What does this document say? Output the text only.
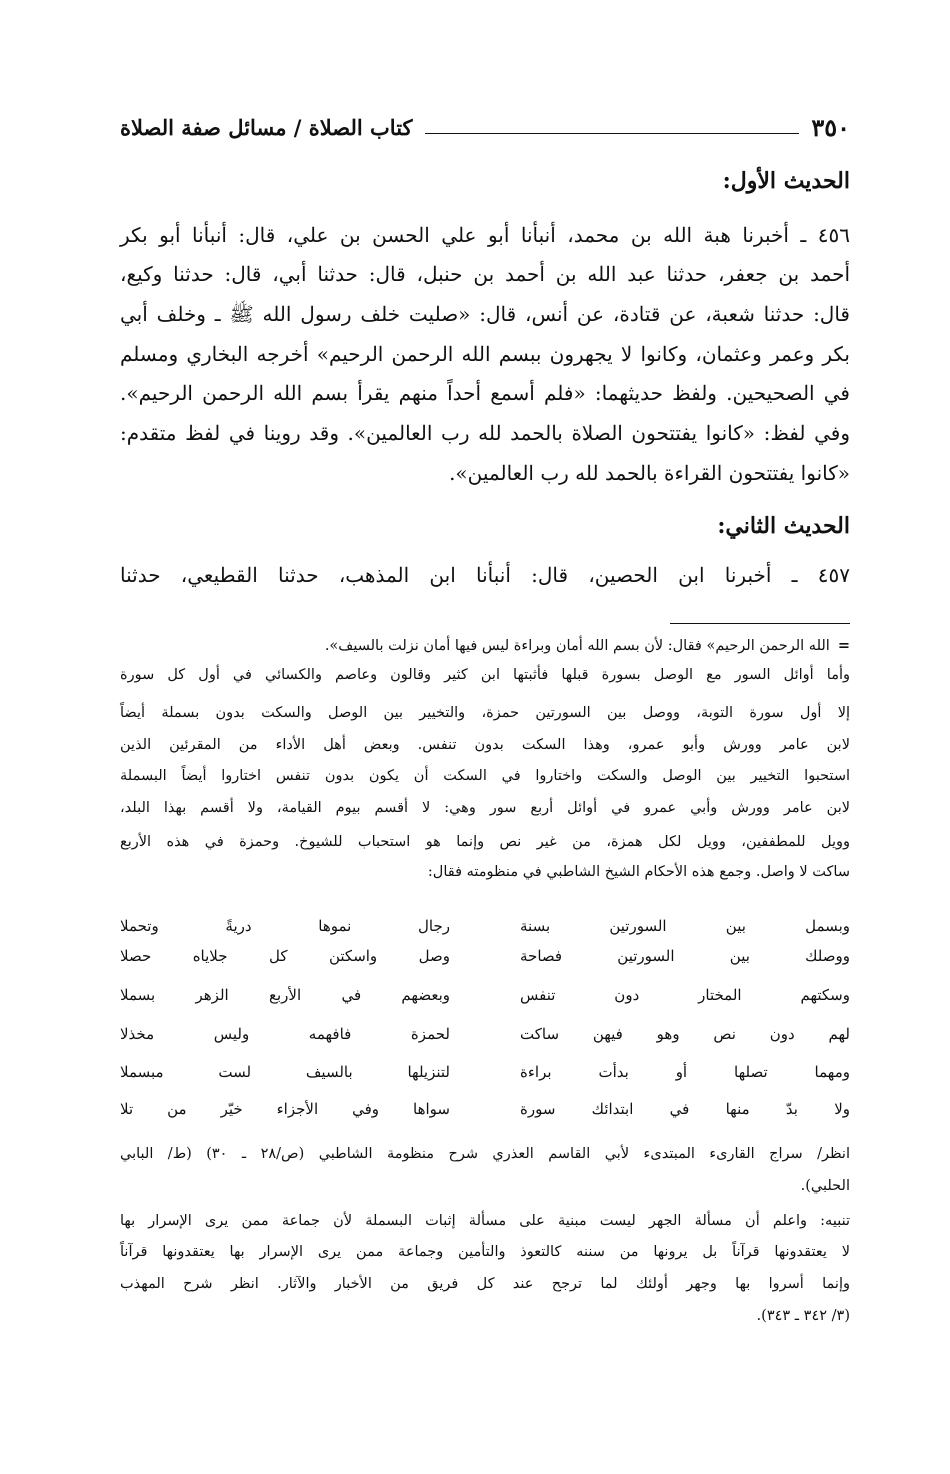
٣٥٠
كتاب الصلاة / مسائل صفة الصلاة
الحديث الأول:
٤٥٦ ـ أخبرنا هبة الله بن محمد، أنبأنا أبو علي الحسن بن علي، قال: أنبأنا أبو بكر
أحمد بن جعفر، حدثنا عبد الله بن أحمد بن حنبل، قال: حدثنا أبي، قال: حدثنا وكيع،
قال: حدثنا شعبة، عن قتادة، عن أنس، قال: «صليت خلف رسول الله ﷺ ـ وخلف أبي
بكر وعمر وعثمان، وكانوا لا يجهرون ببسم الله الرحمن الرحيم» أخرجه البخاري ومسلم
في الصحيحين. ولفظ حديثهما: «فلم أسمع أحداً منهم يقرأ بسم الله الرحمن الرحيم».
وفي لفظ: «كانوا يفتتحون الصلاة بالحمد لله رب العالمين». وقد روينا في لفظ متقدم:
«كانوا يفتتحون القراءة بالحمد لله رب العالمين».
الحديث الثاني:
٤٥٧ ـ أخبرنا ابن الحصين، قال: أنبأنا ابن المذهب، حدثنا القطيعي، حدثنا
=الله الرحمن الرحيم» فقال: لأن بسم الله أمان وبراءة ليس فيها أمان نزلت بالسيف».
وأما أوائل السور مع الوصل بسورة قبلها فأثبتها ابن كثير وقالون وعاصم والكسائي في أول كل سورة
إلا أول سورة التوبة، ووصل بين السورتين حمزة، والتخيير بين الوصل والسكت بدون بسملة أيضاً
لابن عامر وورش وأبو عمرو، وهذا السكت بدون تنفس. وبعض أهل الأداء من المقرئين الذين
استحبوا التخيير بين الوصل والسكت واختاروا في السكت أن يكون بدون تنفس اختاروا أيضاً البسملة
لابن عامر وورش وأبي عمرو في أوائل أربع سور وهي: لا أقسم بيوم القيامة، ولا أقسم بهذا البلد،
وويل للمطففين، وويل لكل همزة، من غير نص وإنما هو استحباب للشيوخ. وحمزة في هذه الأربع
ساكت لا واصل. وجمع هذه الأحكام الشيخ الشاطبي في منظومته فقال:
وبسمل بين السورتين بسنة
رجال نموها دريةً وتحملا
ووصلك بين السورتين فصاحة
وصل واسكتن كل جلاياه حصلا
وسكتهم المختار دون تنفس
وبعضهم في الأربع الزهر بسملا
لهم دون نص وهو فيهن ساكت
لحمزة فافهمه وليس مخذلا
ومهما تصلها أو بدأت براءة
لتنزيلها بالسيف لست مبسملا
ولا بدّ منها في ابتدائك سورة
سواها وفي الأجزاء خيّر من تلا
انظر/ سراج القارىء المبتدىء لأبي القاسم العذري شرح منظومة الشاطبي (ص/٢٨ ـ ٣٠) (ط/ البابي
الحلبي).
تنبيه: واعلم أن مسألة الجهر ليست مبنية على مسألة إثبات البسملة لأن جماعة ممن يرى الإسرار بها
لا يعتقدونها قرآناً بل يرونها من سننه كالتعوذ والتأمين وجماعة ممن يرى الإسرار بها يعتقدونها قرآناً
وإنما أسروا بها وجهر أولئك لما ترجح عند كل فريق من الأخبار والآثار. انظر شرح المهذب
(٣/ ٣٤٢ ـ ٣٤٣).
